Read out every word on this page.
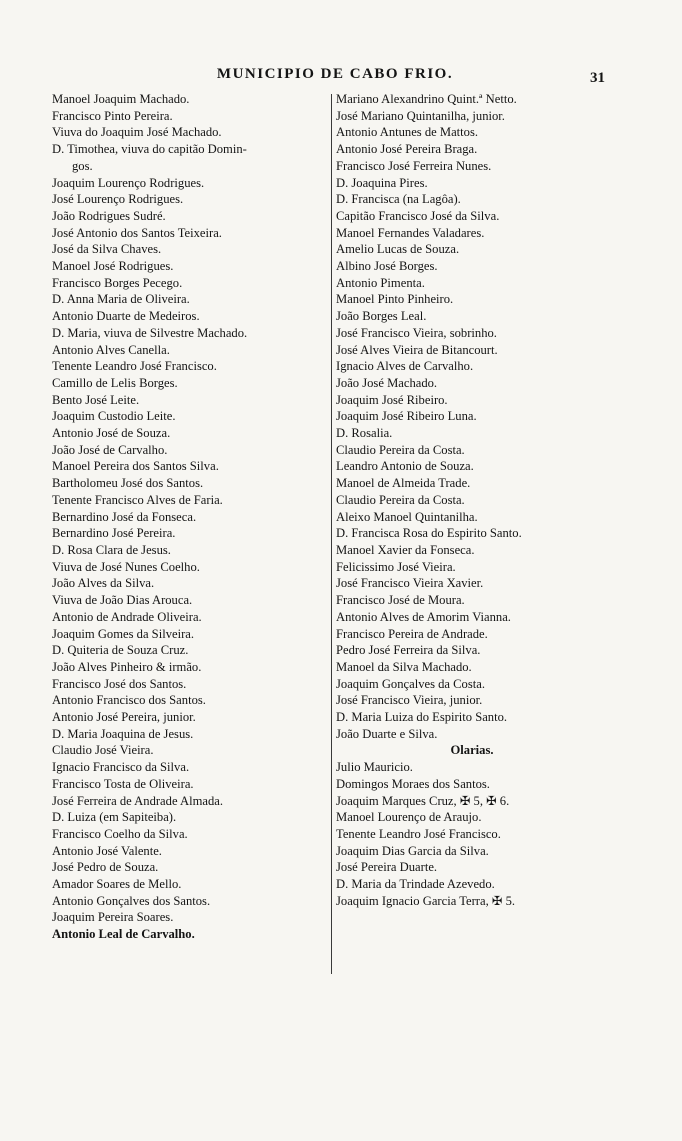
MUNICIPIO DE CABO FRIO.	31
Manoel Joaquim Machado.
Francisco Pinto Pereira.
Viuva do Joaquim José Machado.
D. Timothea, viuva do capitão Domin-
gos.
Joaquim Lourenço Rodrigues.
José Lourenço Rodrigues.
João Rodrigues Sudré.
José Antonio dos Santos Teixeira.
José da Silva Chaves.
Manoel José Rodrigues.
Francisco Borges Pecego.
D. Anna Maria de Oliveira.
Antonio Duarte de Medeiros.
D. Maria, viuva de Silvestre Machado.
Antonio Alves Canella.
Tenente Leandro José Francisco.
Camillo de Lelis Borges.
Bento José Leite.
Joaquim Custodio Leite.
Antonio José de Souza.
João José de Carvalho.
Manoel Pereira dos Santos Silva.
Bartholomeu José dos Santos.
Tenente Francisco Alves de Faria.
Bernardino José da Fonseca.
Bernardino José Pereira.
D. Rosa Clara de Jesus.
Viuva de José Nunes Coelho.
João Alves da Silva.
Viuva de João Dias Arouca.
Antonio de Andrade Oliveira.
Joaquim Gomes da Silveira.
D. Quiteria de Souza Cruz.
João Alves Pinheiro & irmão.
Francisco José dos Santos.
Antonio Francisco dos Santos.
Antonio José Pereira, junior.
D. Maria Joaquina de Jesus.
Claudio José Vieira.
Ignacio Francisco da Silva.
Francisco Tosta de Oliveira.
José Ferreira de Andrade Almada.
D. Luiza (em Sapiteiba).
Francisco Coelho da Silva.
Antonio José Valente.
José Pedro de Souza.
Amador Soares de Mello.
Antonio Gonçalves dos Santos.
Joaquim Pereira Soares.
Antonio Leal de Carvalho.
Mariano Alexandrino Quint.ª Netto.
José Mariano Quintanilha, junior.
Antonio Antunes de Mattos.
Antonio José Pereira Braga.
Francisco José Ferreira Nunes.
D. Joaquina Pires.
D. Francisca (na Lagôa).
Capitão Francisco José da Silva.
Manoel Fernandes Valadares.
Amelio Lucas de Souza.
Albino José Borges.
Antonio Pimenta.
Manoel Pinto Pinheiro.
João Borges Leal.
José Francisco Vieira, sobrinho.
José Alves Vieira de Bitancourt.
Ignacio Alves de Carvalho.
João José Machado.
Joaquim José Ribeiro.
Joaquim José Ribeiro Luna.
D. Rosalia.
Claudio Pereira da Costa.
Leandro Antonio de Souza.
Manoel de Almeida Trade.
Claudio Pereira da Costa.
Aleixo Manoel Quintanilha.
D. Francisca Rosa do Espirito Santo.
Manoel Xavier da Fonseca.
Felicissimo José Vieira.
José Francisco Vieira Xavier.
Francisco José de Moura.
Antonio Alves de Amorim Vianna.
Francisco Pereira de Andrade.
Pedro José Ferreira da Silva.
Manoel da Silva Machado.
Joaquim Gonçalves da Costa.
José Francisco Vieira, junior.
D. Maria Luiza do Espirito Santo.
João Duarte e Silva.
Olarias.
Julio Mauricio.
Domingos Moraes dos Santos.
Joaquim Marques Cruz, ✠ 5, ✠ 6.
Manoel Lourenço de Araujo.
Tenente Leandro José Francisco.
Joaquim Dias Garcia da Silva.
José Pereira Duarte.
D. Maria da Trindade Azevedo.
Joaquim Ignacio Garcia Terra, ✠ 5.
